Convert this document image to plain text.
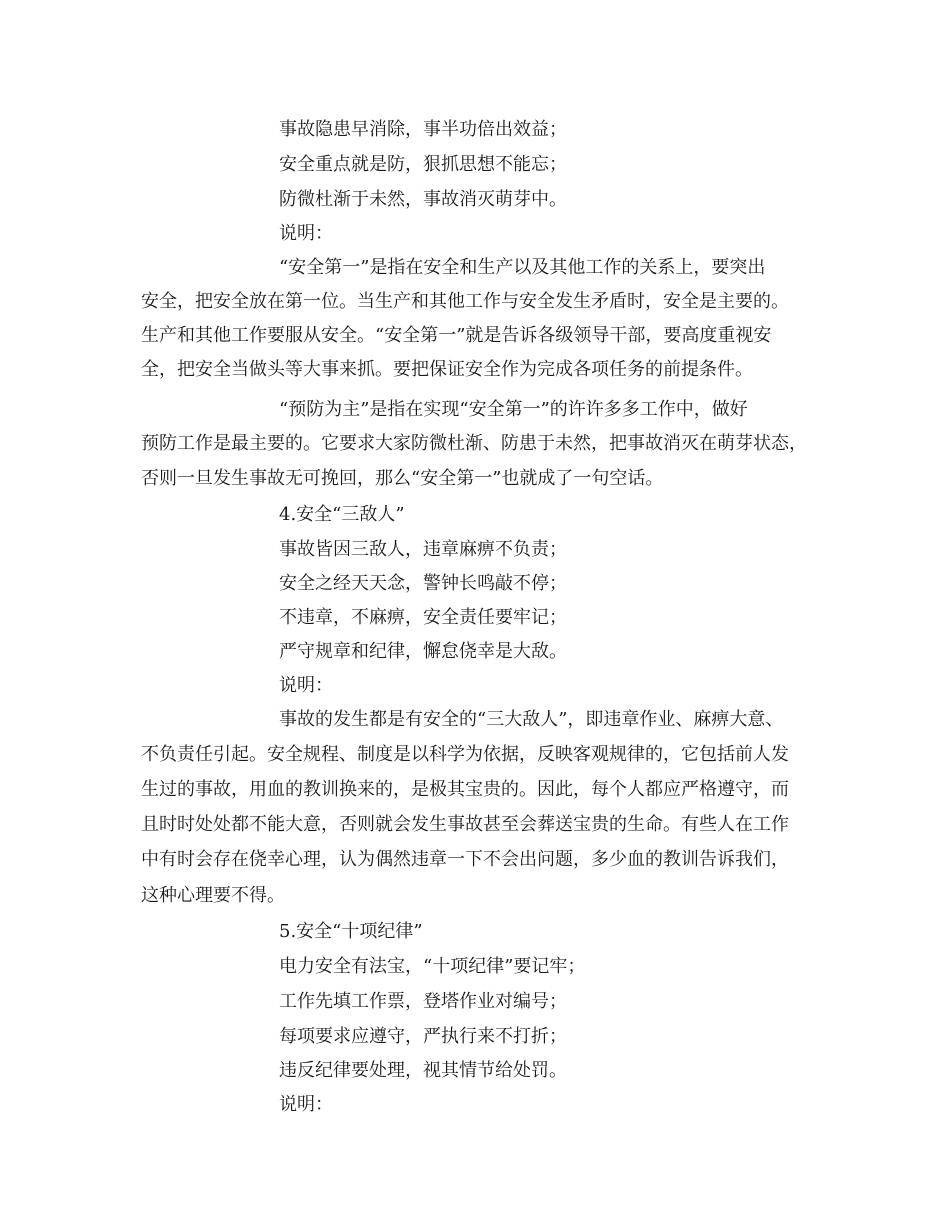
事故隐患早消除，事半功倍出效益；
安全重点就是防，狠抓思想不能忘；
防微杜渐于未然，事故消灭萌芽中。
说明：
“安全第一”是指在安全和生产以及其他工作的关系上，要突出
安全，把安全放在第一位。当生产和其他工作与安全发生矛盾时，安全是主要的。
生产和其他工作要服从安全。“安全第一”就是告诉各级领导干部，要高度重视安
全，把安全当做头等大事来抓。要把保证安全作为完成各项任务的前提条件。
“预防为主”是指在实现“安全第一”的许许多多工作中，做好
预防工作是最主要的。它要求大家防微杜渐、防患于未然，把事故消灭在萌芽状态，
否则一旦发生事故无可挽回，那么“安全第一”也就成了一句空话。
4.安全“三敌人”
事故皆因三敌人，违章麻痹不负责；
安全之经天天念，警钟长鸣敲不停；
不违章，不麻痹，安全责任要牢记；
严守规章和纪律，懈怠侥幸是大敌。
说明：
事故的发生都是有安全的“三大敌人”，即违章作业、麻痹大意、
不负责任引起。安全规程、制度是以科学为依据，反映客观规律的，它包括前人发
生过的事故，用血的教训换来的，是极其宝贵的。因此，每个人都应严格遵守，而
且时时处处都不能大意，否则就会发生事故甚至会葬送宝贵的生命。有些人在工作
中有时会存在侥幸心理，认为偶然违章一下不会出问题，多少血的教训告诉我们，
这种心理要不得。
5.安全“十项纪律”
电力安全有法宝，“十项纪律”要记牢；
工作先填工作票，登塔作业对编号；
每项要求应遵守，严执行来不打折；
违反纪律要处理，视其情节给处罚。
说明：
